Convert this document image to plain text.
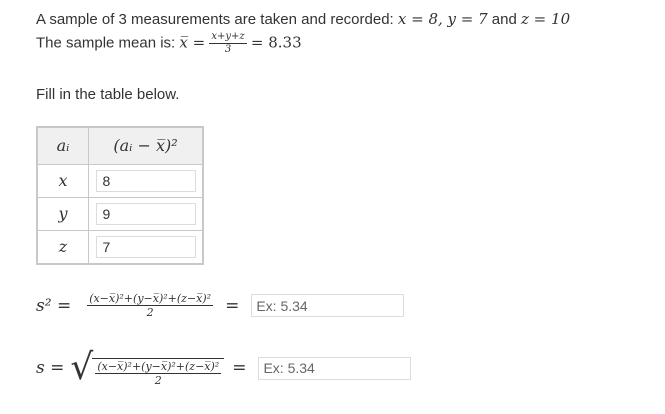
A sample of 3 measurements are taken and recorded: x = 8, y = 7 and z = 10
The sample mean is: x̅ = $\frac{x+y+z}{3} = 8.33$
Fill in the table below.
aᵢ	(aᵢ − x̅)²
x	8
y	9
z	7
$s^2 = \frac{\text{(x−x̅)²+(y−x̅)²+(z−x̅)²}}{2}$ =
Ex: 5.34
s = √ $\frac{\text{(x−x̅)²+(y−x̅)²+(z−x̅)²}}{2}$ =
Ex: 5.34
